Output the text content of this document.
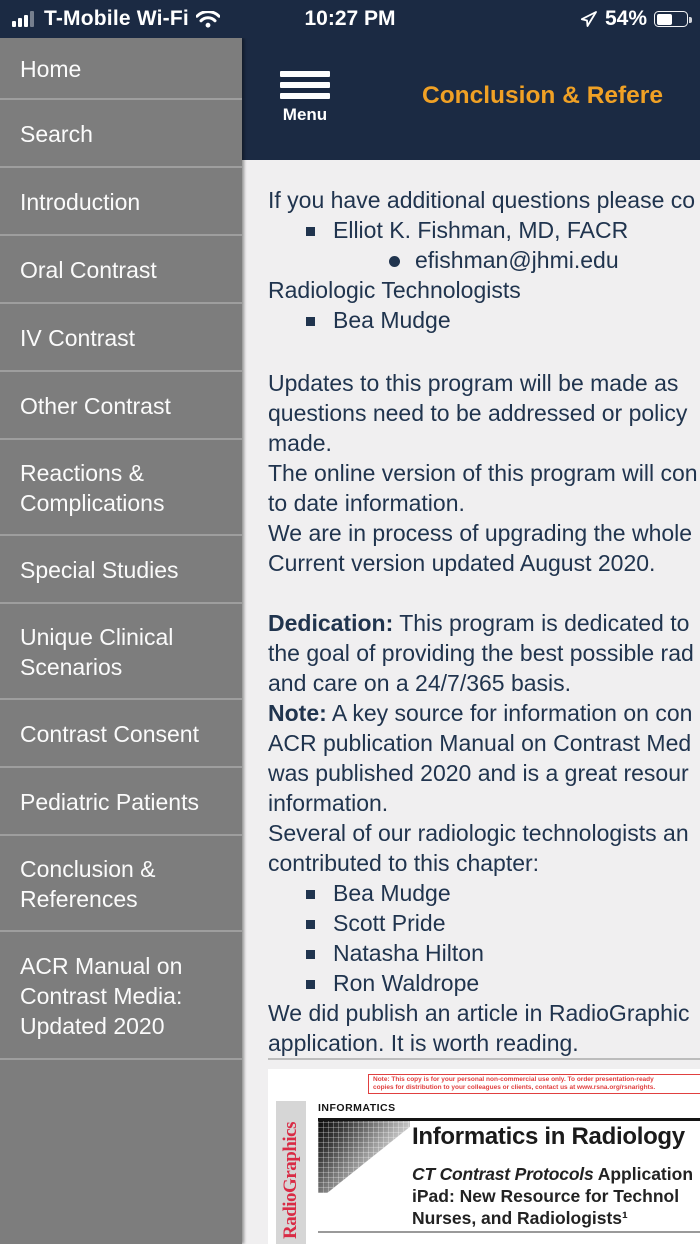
T-Mobile Wi-Fi	10:27 PM	54%
Menu
Conclusion & Refere
Home
Search
Introduction
Oral Contrast
IV Contrast
Other Contrast
Reactions & Complications
Special Studies
Unique Clinical Scenarios
Contrast Consent
Pediatric Patients
Conclusion & References
ACR Manual on Contrast Media: Updated 2020
If you have additional questions please co
Elliot K. Fishman, MD, FACR
efishman@jhmi.edu
Radiologic Technologists
Bea Mudge
Updates to this program will be made as
questions need to be addressed or policy
made.
The online version of this program will con
to date information.
We are in process of upgrading the whole
Current version updated August 2020.
Dedication: This program is dedicated to
the goal of providing the best possible rad
and care on a 24/7/365 basis.
Note: A key source for information on con
ACR publication Manual on Contrast Med
was published 2020 and is a great resour
information.
Several of our radiologic technologists an
contributed to this chapter:
Bea Mudge
Scott Pride
Natasha Hilton
Ron Waldrope
We did publish an article in RadioGraphic
application. It is worth reading.
Note: This copy is for your personal non-commercial use only. To order presentation-ready
copies for distribution to your colleagues or clients, contact us at www.rsna.org/rsnarights.
RadioGraphics
INFORMATICS
Informatics in Radiology
CT Contrast Protocols Application
iPad: New Resource for Technol
Nurses, and Radiologists¹
